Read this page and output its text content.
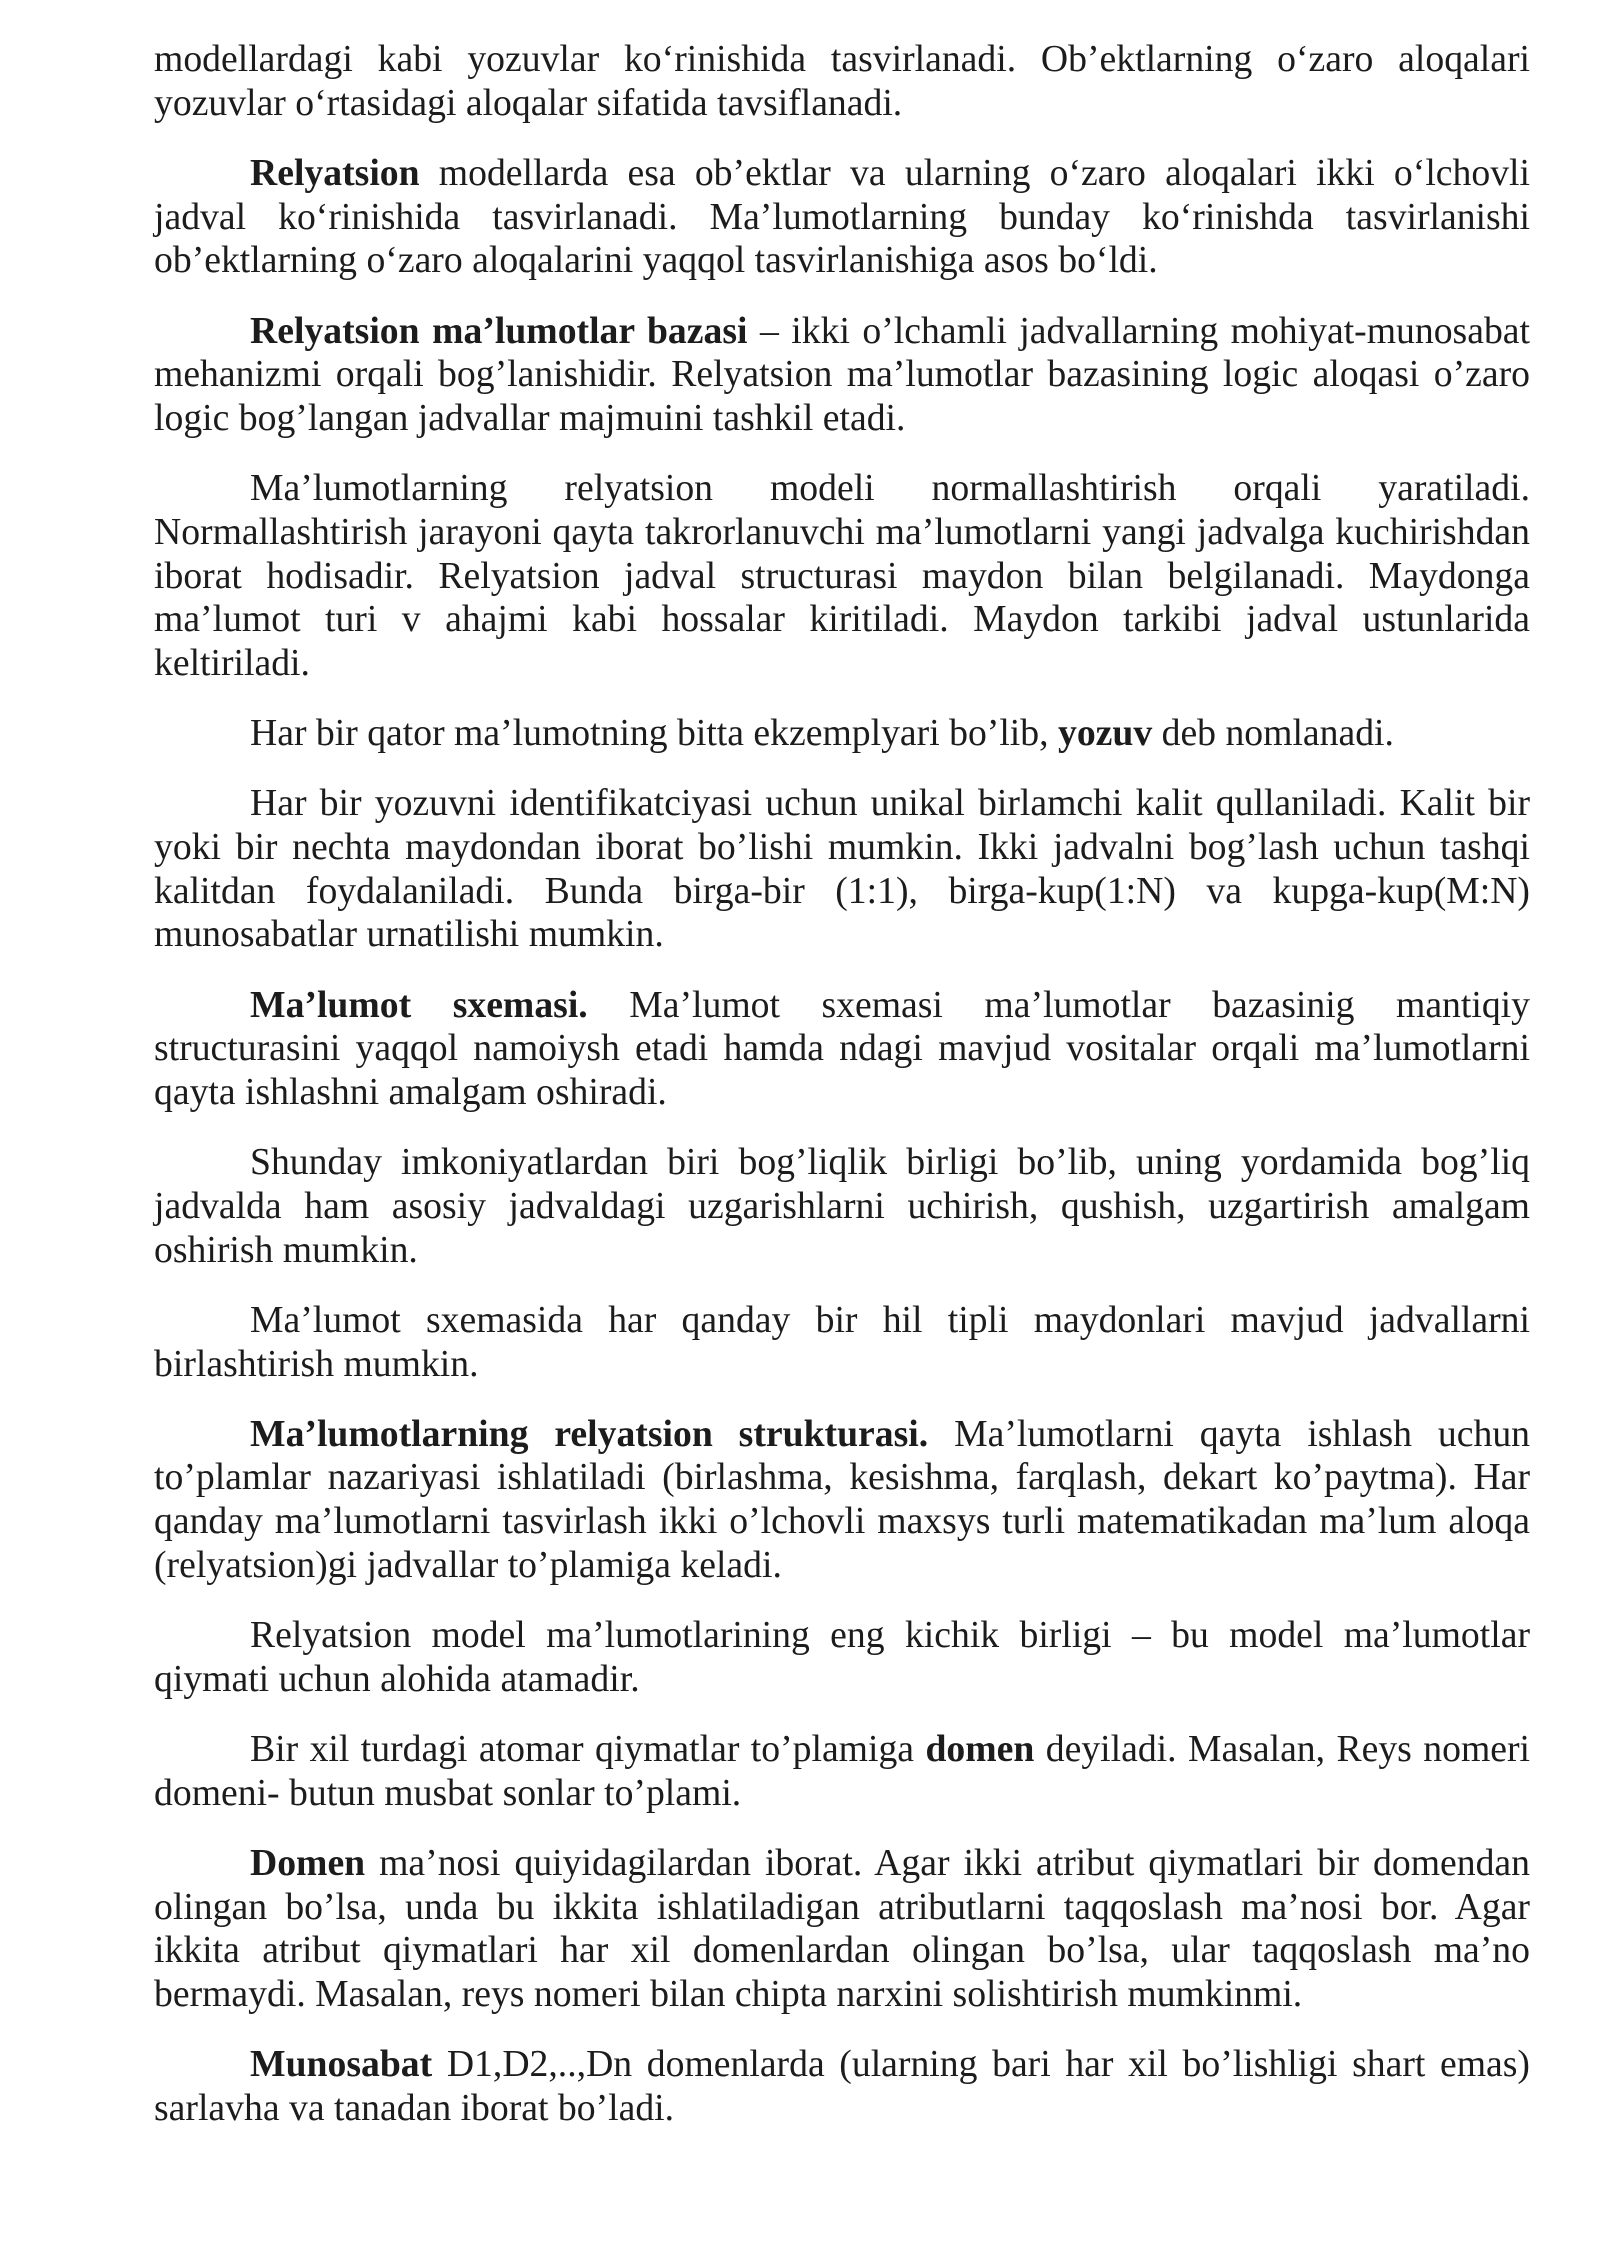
modellardagi kabi yozuvlar ko‘rinishida tasvirlanadi. Ob’ektlarning o‘zaro aloqalari yozuvlar o‘rtasidagi aloqalar sifatida tavsiflanadi.

Relyatsion modellarda esa ob’ektlar va ularning o‘zaro aloqalari ikki o‘lchovli jadval ko‘rinishida tasvirlanadi. Ma’lumotlarning bunday ko‘rinishda tasvirlanishi ob’ektlarning o‘zaro aloqalarini yaqqol tasvirlanishiga asos bo‘ldi.

Relyatsion ma’lumotlar bazasi – ikki o’lchamli jadvallarning mohiyat-munosabat mehanizmi orqali bog’lanishidir. Relyatsion ma’lumotlar bazasining logic aloqasi o’zaro logic bog’langan jadvallar majmuini tashkil etadi.

Ma’lumotlarning relyatsion modeli normallashtirish orqali yaratiladi. Normallashtirish jarayoni qayta takrorlanuvchi ma’lumotlarni yangi jadvalga kuchirishdan iborat hodisadir. Relyatsion jadval structurasi maydon bilan belgilanadi. Maydonga ma’lumot turi v ahajmi kabi hossalar kiritiladi. Maydon tarkibi jadval ustunlarida keltiriladi.

Har bir qator ma’lumotning bitta ekzemplyari bo’lib, yozuv deb nomlanadi.

Har bir yozuvni identifikatciyasi uchun unikal birlamchi kalit qullaniladi. Kalit bir yoki bir nechta maydondan iborat bo’lishi mumkin. Ikki jadvalni bog’lash uchun tashqi kalitdan foydalaniladi. Bunda birga-bir (1:1), birga-kup(1:N) va kupga-kup(M:N) munosabatlar urnatilishi mumkin.

Ma’lumot sxemasi. Ma’lumot sxemasi ma’lumotlar bazasinig mantiqiy structurasini yaqqol namoiysh etadi hamda ndagi mavjud vositalar orqali ma’lumotlarni qayta ishlashni amalgam oshiradi.

Shunday imkoniyatlardan biri bog’liqlik birligi bo’lib, uning yordamida bog’liq jadvalda ham asosiy jadvaldagi uzgarishlarni uchirish, qushish, uzgartirish amalgam oshirish mumkin.

Ma’lumot sxemasida har qanday bir hil tipli maydonlari mavjud jadvallarni birlashtirish mumkin.

Ma’lumotlarning relyatsion strukturasi. Ma’lumotlarni qayta ishlash uchun to’plamlar nazariyasi ishlatiladi (birlashma, kesishma, farqlash, dekart ko’paytma). Har qanday ma’lumotlarni tasvirlash ikki o’lchovli maxsys turli matematikadan ma’lum aloqa (relyatsion)gi jadvallar to’plamiga keladi.

Relyatsion model ma’lumotlarining eng kichik birligi – bu model ma’lumotlar qiymati uchun alohida atamadir.

Bir xil turdagi atomar qiymatlar to’plamiga domen deyiladi. Masalan, Reys nomeri domeni- butun musbat sonlar to’plami.

Domen ma’nosi quiyidagilardan iborat. Agar ikki atribut qiymatlari bir domendan olingan bo’lsa, unda bu ikkita ishlatiladigan atributlarni taqqoslash ma’nosi bor. Agar ikkita atribut qiymatlari har xil domenlardan olingan bo’lsa, ular taqqoslash ma’no bermaydi. Masalan, reys nomeri bilan chipta narxini solishtirish mumkinmi.

Munosabat D1,D2,..,Dn domenlarda (ularning bari har xil bo’lishligi shart emas) sarlavha va tanadan iborat bo’ladi.
